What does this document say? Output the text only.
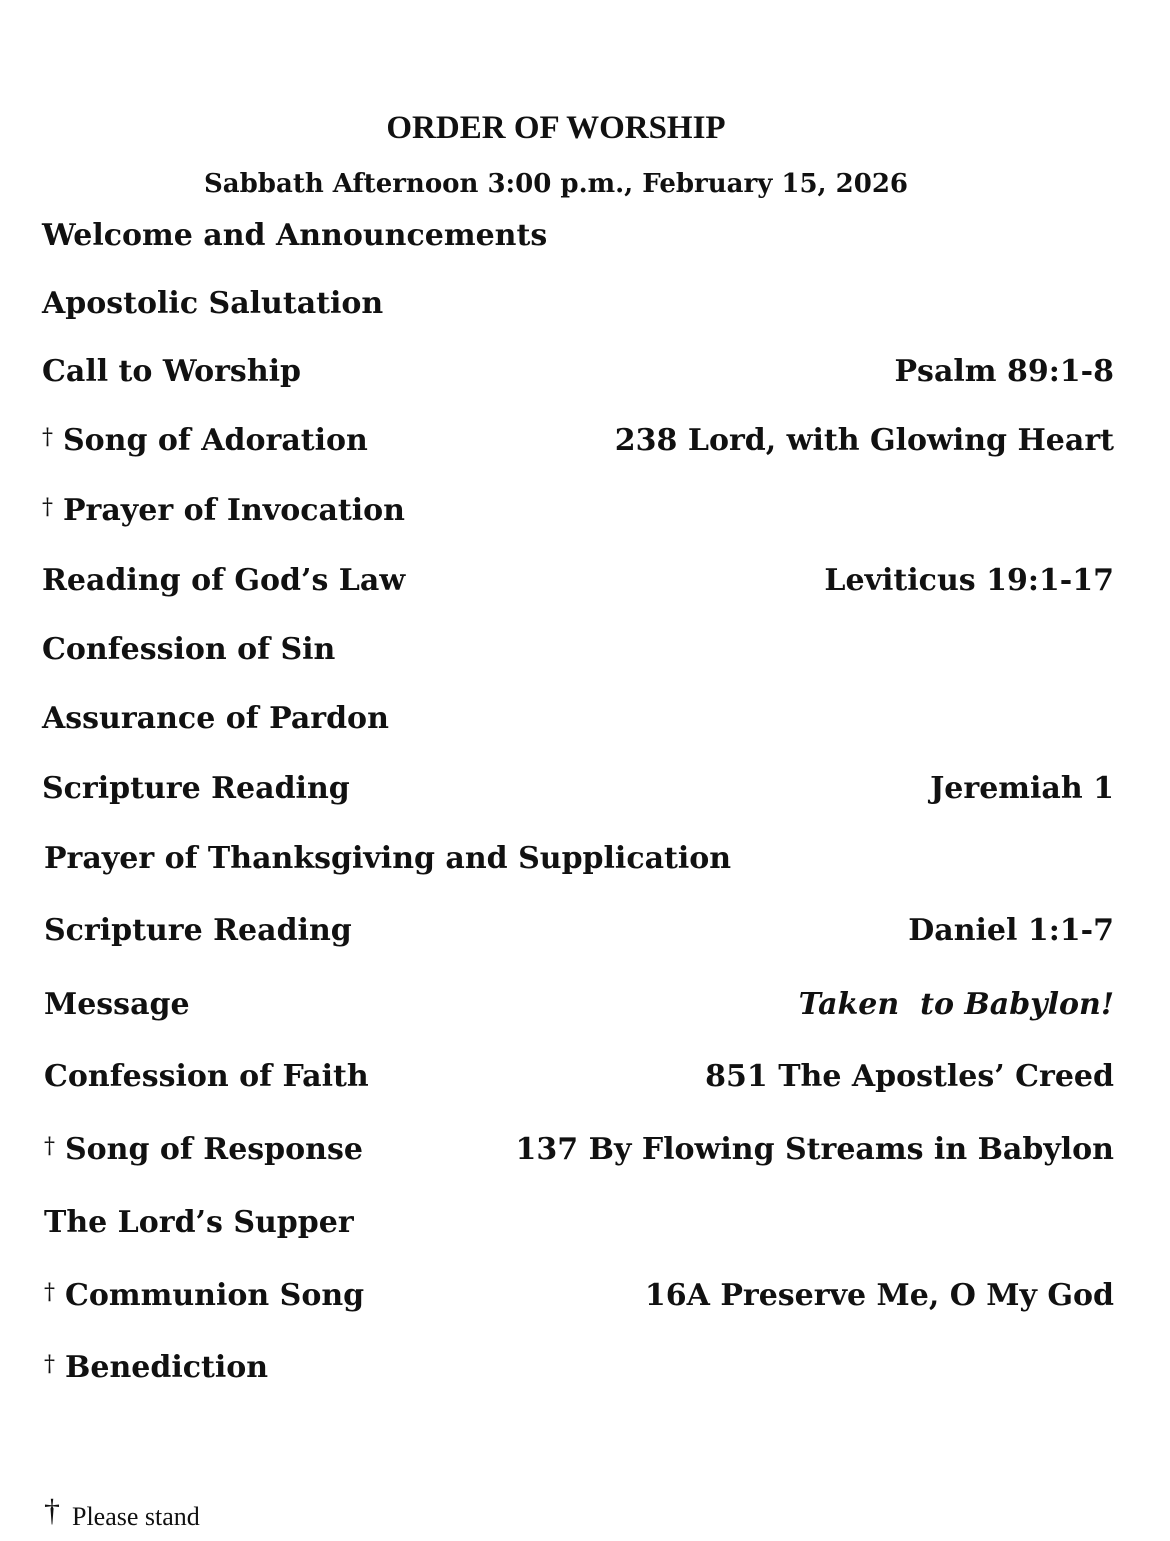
ORDER OF WORSHIP
Sabbath Afternoon 3:00 p.m., February 15, 2026
Welcome and Announcements
Apostolic Salutation
Call to Worship	Psalm 89:1-8
† Song of Adoration	238 Lord, with Glowing Heart
† Prayer of Invocation
Reading of God’s Law	Leviticus 19:1-17
Confession of Sin
Assurance of Pardon
Scripture Reading	Jeremiah 1
Prayer of Thanksgiving and Supplication
Scripture Reading	Daniel 1:1-7
Message	Taken  to Babylon!
Confession of Faith	851 The Apostles’ Creed
† Song of Response	137 By Flowing Streams in Babylon
The Lord’s Supper
† Communion Song	16A Preserve Me, O My God
† Benediction
† Please stand
